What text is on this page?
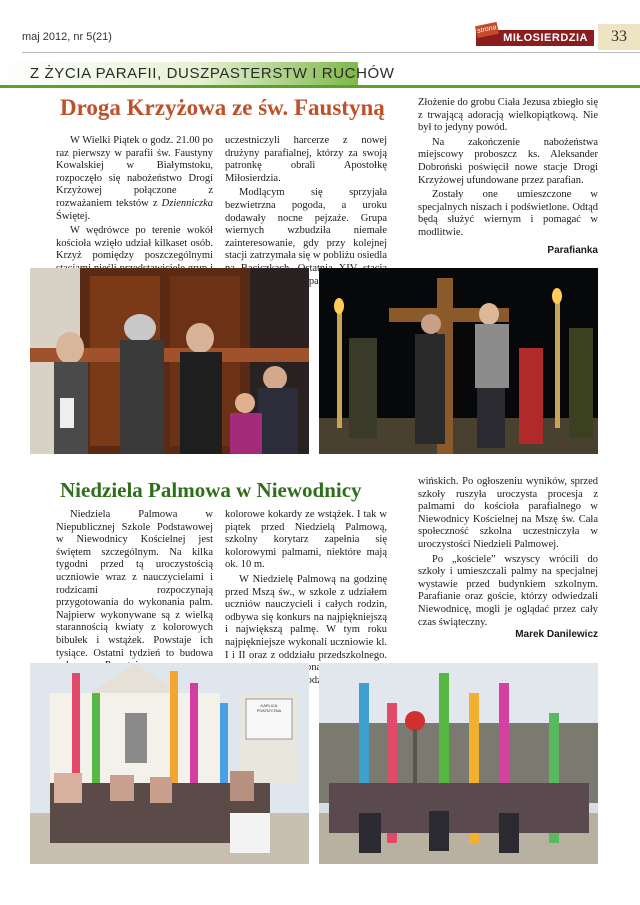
maj 2012, nr 5(21)	MIŁOSIERDZIA
strona	33
Z ŻYCIA PARAFII, DUSZPASTERSTW I RUCHÓW
Droga Krzyżowa ze św. Faustyną

W Wielki Piątek o godz. 21.00 po raz pierwszy w parafii św. Faustyny Kowalskiej w Białymstoku, rozpoczęło się nabożeństwo Drogi Krzyżowej połączone z rozważaniem tekstów z Dzienniczka Świętej.

W wędrówce po terenie wokół kościoła wzięło udział kilkaset osób. Krzyż pomiędzy poszczególnymi

uczestniczyli harcerze z nowej drużyny parafialnej, którzy za swoją patronkę obrali Apostołkę Miłosierdzia.

Modlącym się sprzyjała bezwietrzna pogoda, a uroku dodawały nocne pejzaże. Grupa wiernych wzbudziła niemałe zainteresowanie, gdy przy kolejnej stacji zatrzymała się w pobliżu osiedla Ostatnia przypadku

Złożenie do grobu Ciała Jezusa zbiegło się z trwającą adoracją wielkopiątkową. Nie był to jedyny powód.

Na zakończenie nabożeństwa miejscowy proboszcz ks. Aleksander Dobroński poświęcił nowe stacje Drogi Krzyżowej ufundowane przez parafian.

Zostały one umieszczone w specjalnych niszach i podświetlone. Odtąd będą służyć wiernym i pomagać w modlitwie.

Parafianka
Niedziela Palmowa w Niewodnicy

Niedziela Palmowa w Niepublicznej Szkole Podstawowej w Niewodnicy Kościelnej jest świętem szczególnym. Na kilka tygodni przed tą uroczystością uczniowie wraz z nauczycielami i rodzicami rozpoczynają przygotowania do wykonania palm. Najpierw wykonywane są z wielką starannością kwiaty z kolorowych bibułek i wstążek. Powstaje ich tysiące. Ostatni tydzień to budowa

kolorowe kokardy ze wstążek. I tak w piątek przed Niedzielą Palmową, szkolny korytarz zapełnia się kolorowymi palmami, niektóre mają ok. 10 m.

W Niedzielę Palmową na godzinę przed Mszą św., w szkole z udziałem uczniów nauczycieli i całych rodzin, odbywa się konkurs na najpiękniejszą i największą palmę. W tym roku najpiękniejsze wykonali uczniowie kl. I i II oraz z oddziału przedszkolnego. wykonanych

wińskich. Po ogłoszeniu wyników, sprzed szkoły ruszyła uroczysta procesja z palmami do kościoła parafialnego w Niewodnicy Kościelnej na Mszę św. Cała społeczność szkolna uczestniczyła w uroczystości Niedzieli Palmowej.

Po „kościele” wszyscy wrócili do szkoły i umieszczali palmy na specjalnej wystawie przed budynkiem szkolnym. Parafianie oraz goście, którzy odwiedzali Niewodnicę, mogli je oglądać przez cały czas świąteczny.

Marek Danilewicz
KAPLICA POKRZYŻNA
